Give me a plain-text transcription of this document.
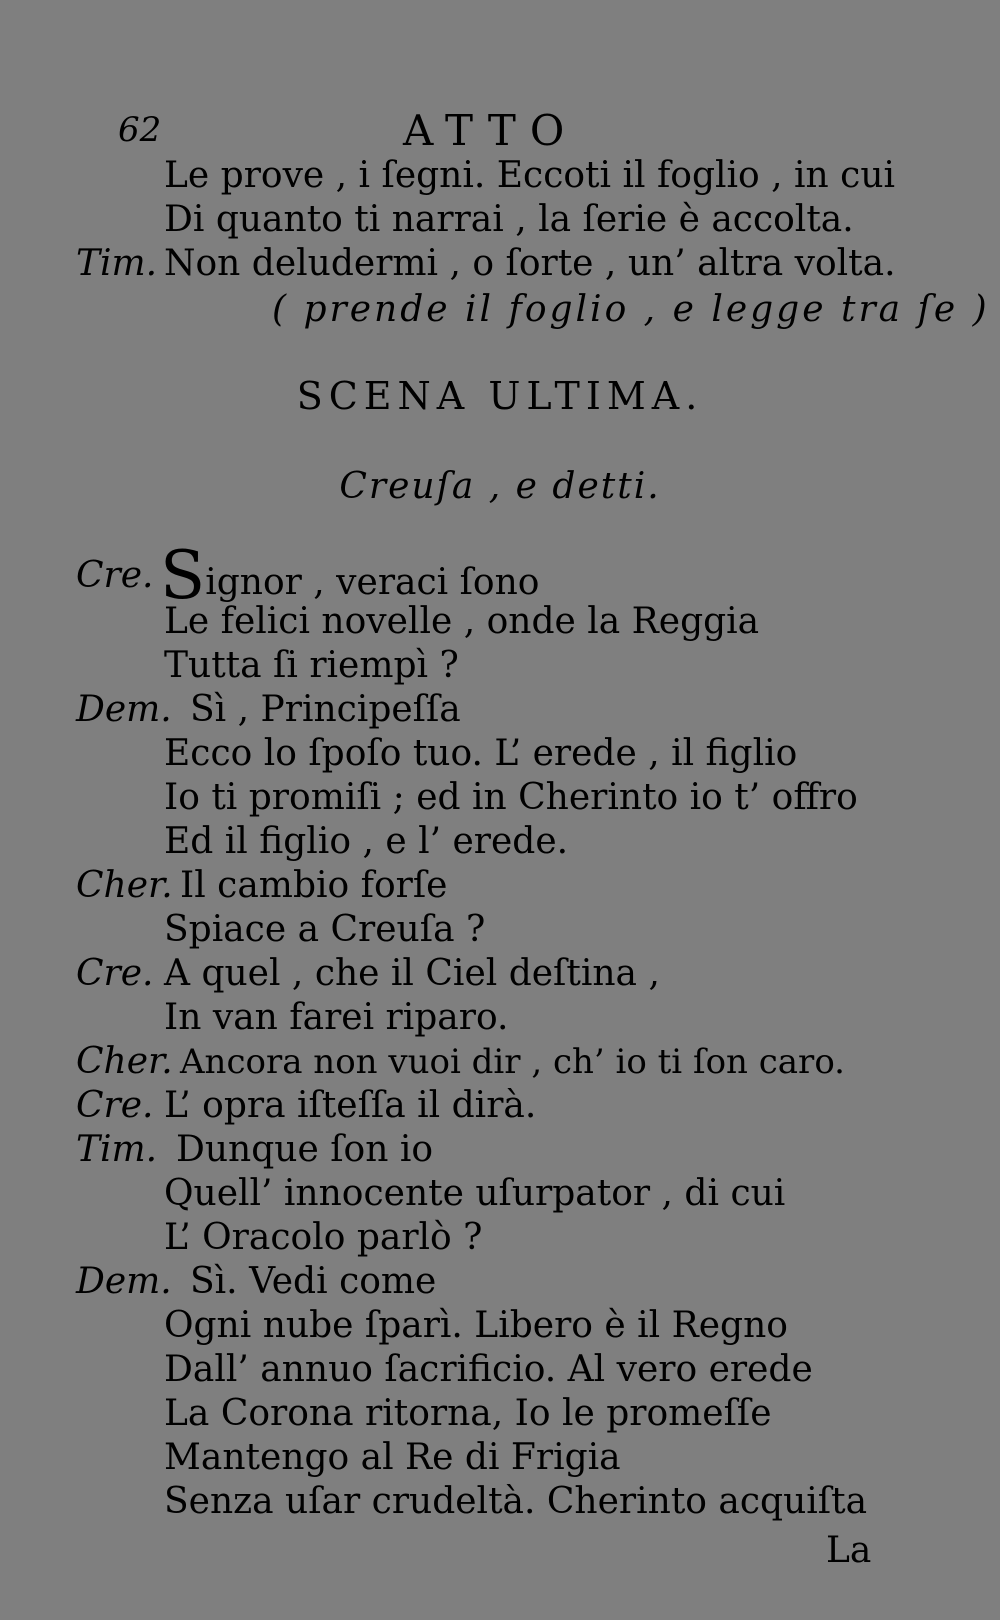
62	ATTO
Le prove , i ſegni. Eccoti il foglio , in cui
Di quanto ti narrai , la ſerie è accolta.
Tim. Non deludermi , o ſorte , un’ altra volta.
( prende il foglio , e legge tra ſe )
SCENA ULTIMA.
Creuſa , e detti.
Cre. Signor , veraci ſono
Le felici novelle , onde la Reggia
Tutta ſi riempì ?
Dem. Sì , Principeſſa
Ecco lo ſpoſo tuo. L’ erede , il figlio
Io ti promiſi ; ed in Cherinto io t’ offro
Ed il figlio , e l’ erede.
Cher. Il cambio forſe
Spiace a Creuſa ?
Cre. A quel , che il Ciel deſtina ,
In van farei riparo.
Cher. Ancora non vuoi dir , ch’ io ti ſon caro.
Cre. L’ opra iſteſſa il dirà.
Tim. Dunque ſon io
Quell’ innocente uſurpator , di cui
L’ Oracolo parlò ?
Dem. Sì. Vedi come
Ogni nube ſparì. Libero è il Regno
Dall’ annuo ſacrificio. Al vero erede
La Corona ritorna, Io le promeſſe
Mantengo al Re di Frigia
Senza uſar crudeltà. Cherinto acquiſta
La
